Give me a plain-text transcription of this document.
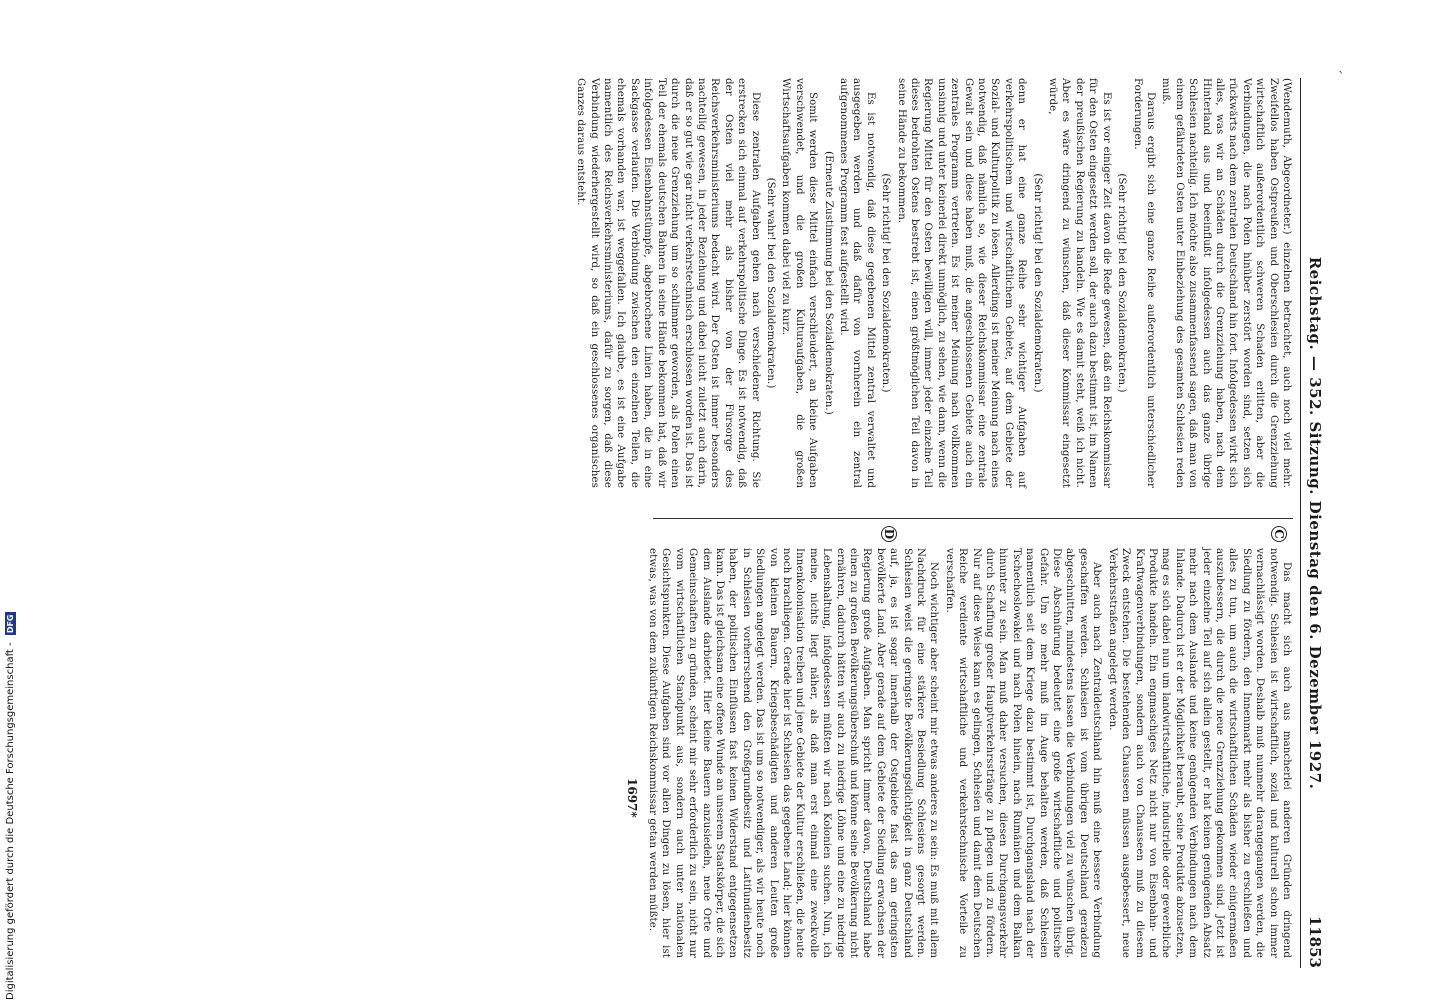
ˋ
Reichstag. — 352. Sitzung. Dienstag den 6. Dezember 1927.
11853

(Wendemuth, Abgeordneter.) einzelnen betrachtet, auch noch viel mehr. Zweifellos haben Ostpreußen und Oberschlesien durch die Grenzziehung wirtschaftlich außerordentlich schweren Schaden erlitten, aber die Verbindungen, die nach Polen hinüber zerstört worden sind, setzen sich rückwärts nach dem zentralen Deutschland hin fort. Infolgedessen wirkt sich alles, was wir an Schäden durch die Grenzziehung haben, nach dem Hinterland aus und beeinflußt infolgedessen auch das ganze übrige Schlesien nachteilig. Ich möchte also zusammenfassend sagen, daß man von einem gefährdeten Osten unter Einbeziehung des gesamten Schlesien reden muß.

Daraus ergibt sich eine ganze Reihe außerordentlich unterschiedlicher Forderungen.

(Sehr richtig! bei den Sozialdemokraten.)

Es ist vor einiger Zeit davon die Rede gewesen, daß ein Reichskommissar für den Osten eingesetzt werden soll, der auch dazu bestimmt ist, im Namen der preußischen Regierung zu handeln. Wie es damit steht, weiß ich nicht. Aber es wäre dringend zu wünschen, daß dieser Kommissar eingesetzt würde,

(Sehr richtig! bei den Sozialdemokraten.)

denn er hat eine ganze Reihe sehr wichtiger Aufgaben auf verkehrspolitischem und wirtschaftlichem Gebiete, auf dem Gebiete der Sozial- und Kulturpolitik zu lösen. Allerdings ist meiner Meinung nach eines notwendig, daß nämlich so, wie dieser Reichskommissar eine zentrale Gewalt sein und diese haben muß, die angeschlossenen Gebiete auch ein zentrales Programm vertreten. Es ist meiner Meinung nach vollkommen unsinnig und unter keinerlei direkt unmöglich, zu sehen, wie dann, wenn die Regierung Mittel für den Osten bewilligen will, immer jeder einzelne Teil dieses bedrohten Ostens bestrebt ist, einen größtmöglichen Teil davon in seine Hände zu bekommen.

(Sehr richtig! bei den Sozialdemokraten.)

Es ist notwendig, daß diese gegebenen Mittel zentral verwaltet und ausgegeben werden und daß dafür von vornherein ein zentral aufgenommenes Programm fest aufgestellt wird.

(Erneute Zustimmung bei den Sozialdemokraten.)

Somit werden diese Mittel einfach verschleudert, an kleine Aufgaben verschwendet, und die großen Kulturaufgaben, die großen Wirtschaftsaufgaben kommen dabei viel zu kurz.

(Sehr wahr! bei den Sozialdemokraten.)

Diese zentralen Aufgaben gehen nach verschiedener Richtung. Sie erstrecken sich einmal auf verkehrspolitische Dinge. Es ist notwendig, daß der Osten viel mehr als bisher von der Fürsorge des Reichsverkehrsministeriums bedacht wird. Der Osten ist immer besonders nachteilig gewesen, in jeder Beziehung und dabei nicht zuletzt auch darin, daß er so gut wie gar nicht verkehrstechnisch erschlossen worden ist. Das ist durch die neue Grenzziehung um so schlimmer geworden, als Polen einen Teil der ehemals deutschen Bahnen in seine Hände bekommen hat, daß wir infolgedessen Eisenbahnstümpfe, abgebrochene Linien haben, die in eine Sackgasse verlaufen. Die Verbindung zwischen den einzelnen Teilen, die ehemals vorhanden war, ist weggefallen. Ich glaube, es ist eine Aufgabe namentlich des Reichsverkehrsministeriums, dafür zu sorgen, daß diese Verbindung wiederhergestellt wird, so daß ein geschlossenes organisches Ganzes daraus entsteht.

Das macht sich auch aus mancherlei anderen Gründen dringend notwendig. Schlesien ist wirtschaftlich, sozial und kulturell schon immer vernachlässigt worden. Deshalb muß nunmehr darangegangen werden, die Siedlung zu fördern, den Innenmarkt mehr als bisher zu erschließen und alles zu tun, um auch die wirtschaftlichen Schäden wieder einigermaßen auszubessern, die durch die neue Grenzziehung gekommen sind. Jetzt ist jeder einzelne Teil auf sich allein gestellt, er hat keinen genügenden Absatz mehr nach dem Auslande und keine genügenden Verbindungen nach dem Inlande. Dadurch ist er der Möglichkeit beraubt, seine Produkte abzusetzen, mag es sich dabei nun um landwirtschaftliche, industrielle oder gewerbliche Produkte handeln. Ein engmaschiges Netz nicht nur von Eisenbahn- und Kraftwagenverbindungen, sondern auch von Chausseen muß zu diesem Zweck entstehen. Die bestehenden Chausseen müssen ausgebessert, neue Verkehrsstraßen angelegt werden.

Aber auch nach Zentraldeutschland hin muß eine bessere Verbindung geschaffen werden. Schlesien ist vom übrigen Deutschland geradezu abgeschnitten, mindestens lassen die Verbindungen viel zu wünschen übrig. Diese Abschnürung bedeutet eine große wirtschaftliche und politische Gefahr. Um so mehr muß im Auge behalten werden, daß Schlesien namentlich seit dem Kriege dazu bestimmt ist, Durchgangsland nach der Tschechoslowakei und nach Polen hinein, nach Rumänien und dem Balkan hinunter zu sein. Man muß daher versuchen, diesen Durchgangsverkehr durch Schaffung großer Hauptverkehrsstränge zu pflegen und zu fördern. Nur auf diese Weise kann es gelingen, Schlesien und damit dem Deutschen Reiche verdiente wirtschaftliche und verkehrstechnische Vorteile zu verschaffen.

Noch wichtiger aber scheint mir etwas anderes zu sein: Es muß mit allem Nachdruck für eine stärkere Besiedlung Schlesiens gesorgt werden. Schlesien weist die geringste Bevölkerungsdichtigkeit in ganz Deutschland auf, ja, es ist sogar innerhalb der Ostgebiete fast das am geringsten bevölkerte Land. Aber gerade auf dem Gebiete der Siedlung erwachsen der Regierung große Aufgaben. Man spricht immer davon, Deutschland habe einen zu großen Bevölkerungsüberschuß und könne seine Bevölkerung nicht ernähren, dadurch hätten wir auch zu niedrige Löhne und eine zu niedrige Lebenshaltung, infolgedessen müßten wir nach Kolonien suchen. Nun, ich meine, nichts liegt näher, als daß man erst einmal eine zweckvolle Innenkolonisation treiben und jene Gebiete der Kultur erschließen, die heute noch brachliegen. Gerade hier ist Schlesien das gegebene Land; hier können von kleinen Bauern, Kriegsbeschädigten und anderen Leuten große Siedlungen angelegt werden. Das ist um so notwendiger, als wir heute noch in Schlesien vorherrschend den Großgrundbesitz und Latifundienbesitz haben, der politischen Einflüssen fast keinen Widerstand entgegensetzen kann. Das ist gleichsam eine offene Wunde an unserem Staatskörper, die sich dem Auslande darbietet. Hier kleine Bauern anzusiedeln, neue Orte und Gemeinschaften zu gründen, scheint mir sehr erforderlich zu sein, nicht nur vom wirtschaftlichen Standpunkt aus, sondern auch unter nationalen Gesichtspunkten. Diese Aufgaben sind vor allen Dingen zu lösen, hier ist etwas, was von dem zukünftigen Reichskommissar getan werden müßte.

C
D
1697*
Digitalisierung gefördert durch die Deutsche Forschungsgemeinschaft - DFG
